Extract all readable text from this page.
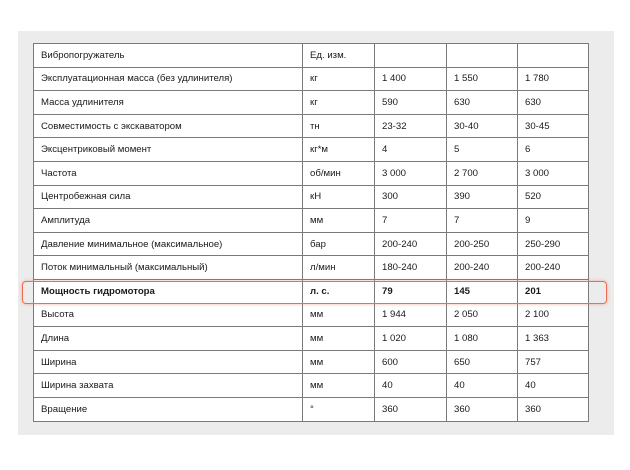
Вибропогружатель	Ед. изм.			
Эксплуатационная масса (без удлинителя)	кг	1 400	1 550	1 780
Масса удлинителя	кг	590	630	630
Совместимость с экскаватором	тн	23-32	30-40	30-45
Эксцентриковый момент	кг*м	4	5	6
Частота	об/мин	3 000	2 700	3 000
Центробежная сила	кН	300	390	520
Амплитуда	мм	7	7	9
Давление минимальное (максимальное)	бар	200-240	200-250	250-290
Поток минимальный (максимальный)	л/мин	180-240	200-240	200-240
Мощность гидромотора	л. с.	79	145	201
Высота	мм	1 944	2 050	2 100
Длина	мм	1 020	1 080	1 363
Ширина	мм	600	650	757
Ширина захвата	мм	40	40	40
Вращение	°	360	360	360
